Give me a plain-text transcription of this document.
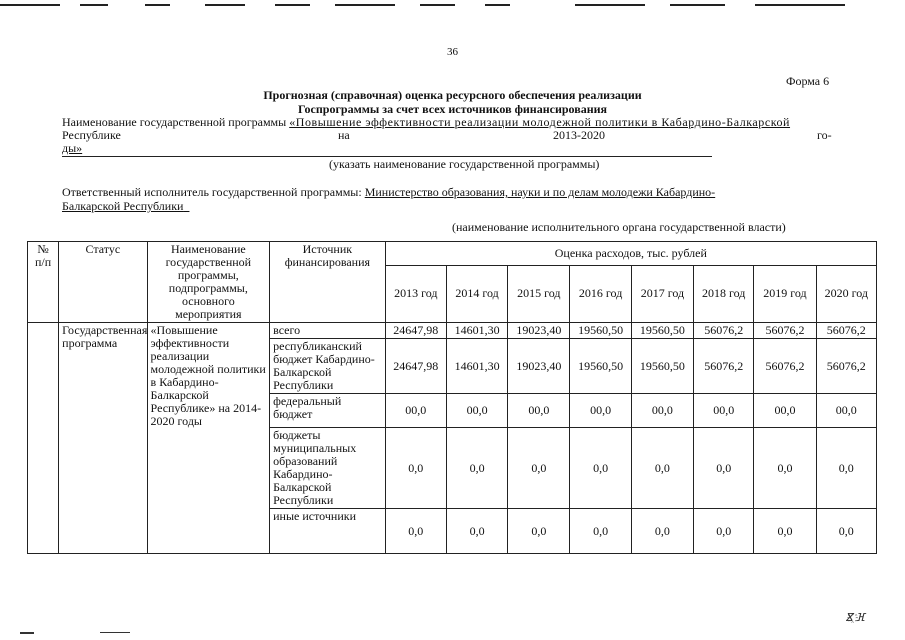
36
Форма 6
Прогнозная (справочная) оценка ресурсного обеспечения реализации
Госпрограммы за счет всех источников финансирования
Наименование государственной программы «Повышение эффективности реализации молодежной политики в Кабардино-Балкарской
Республике	на	2013-2020	го-
ды»
(указать наименование государственной программы)
Ответственный исполнитель государственной программы: Министерство образования, науки и по делам молодежи Кабардино-
Балкарской Республики
(наименование исполнительного органа государственной власти)
№ п/п	Статус	Наименование государственной программы, подпрограммы, основного мероприятия	Источник финансирования	Оценка расходов, тыс. рублей							
				2013 год	2014 год	2015 год	2016 год	2017 год	2018 год	2019 год	2020 год
	Государственная программа	«Повышение эффективности реализации молодежной политики в Кабардино-Балкарской Республике» на 2014-2020 годы	всего	24647,98	14601,30	19023,40	19560,50	19560,50	56076,2	56076,2	56076,2
			республиканский бюджет Кабардино-Балкарской Республики	24647,98	14601,30	19023,40	19560,50	19560,50	56076,2	56076,2	56076,2
			федеральный бюджет	00,0	00,0	00,0	00,0	00,0	00,0	00,0	00,0
			бюджеты муниципальных образований Кабардино-Балкарской Республики	0,0	0,0	0,0	0,0	0,0	0,0	0,0	0,0
			иные источники	0,0	0,0	0,0	0,0	0,0	0,0	0,0	0,0
ⴵ҈ ⴼ
